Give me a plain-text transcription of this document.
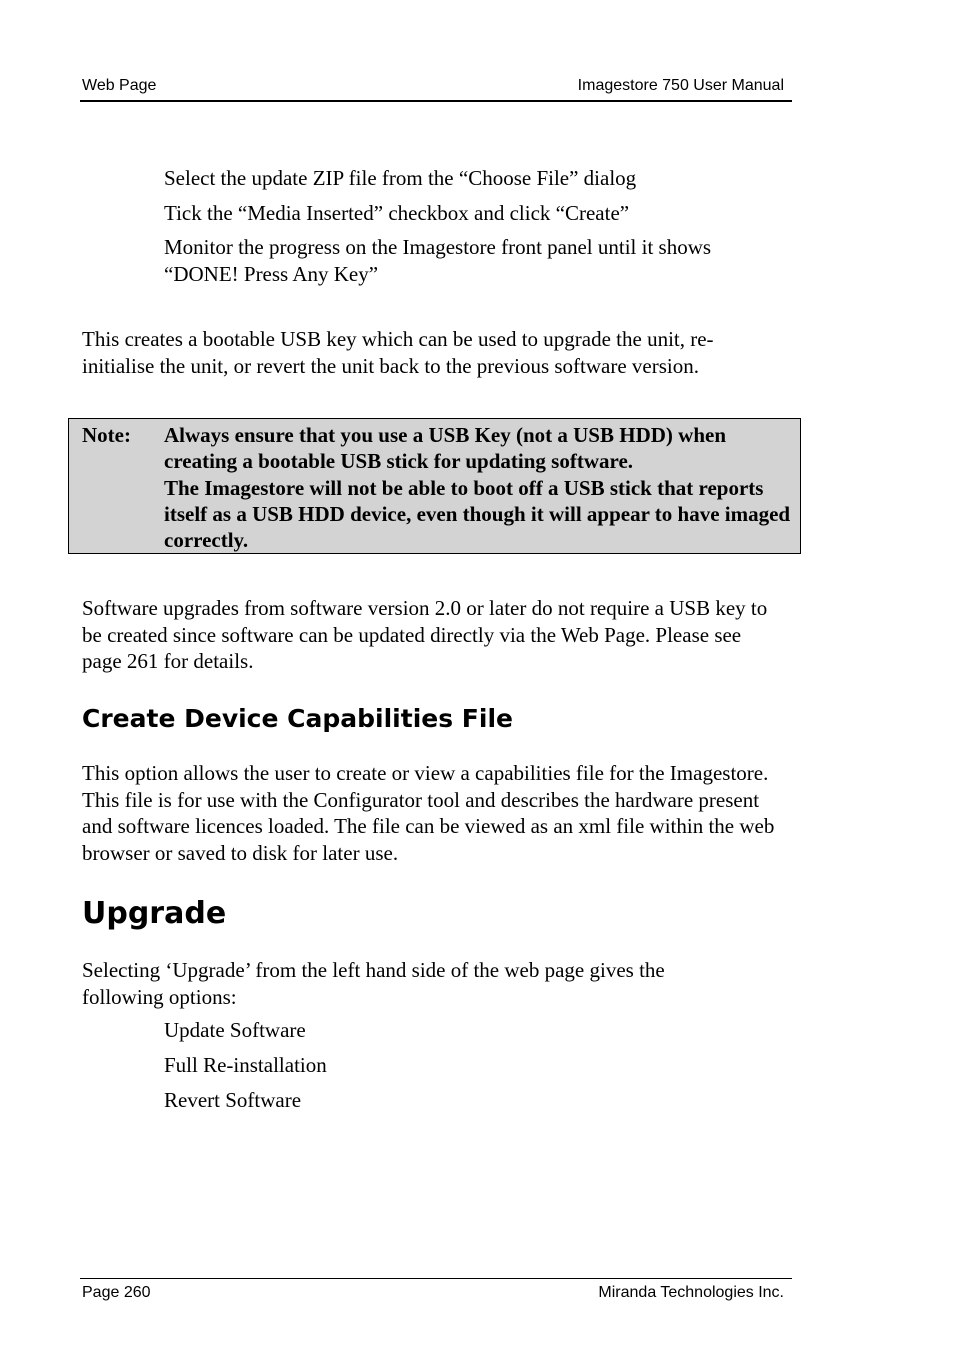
Web Page	Imagestore 750 User Manual

Select the update ZIP file from the “Choose File” dialog

Tick the “Media Inserted” checkbox and click “Create”

Monitor the progress on the Imagestore front panel until it shows “DONE! Press Any Key”

This creates a bootable USB key which can be used to upgrade the unit, re-initialise the unit, or revert the unit back to the previous software version.

Note: Always ensure that you use a USB Key (not a USB HDD) when creating a bootable USB stick for updating software.
The Imagestore will not be able to boot off a USB stick that reports itself as a USB HDD device, even though it will appear to have imaged correctly.

Software upgrades from software version 2.0 or later do not require a USB key to be created since software can be updated directly via the Web Page. Please see page 261 for details.

Create Device Capabilities File

This option allows the user to create or view a capabilities file for the Imagestore. This file is for use with the Configurator tool and describes the hardware present and software licences loaded. The file can be viewed as an xml file within the web browser or saved to disk for later use.

Upgrade

Selecting ‘Upgrade’ from the left hand side of the web page gives the following options:

Update Software

Full Re-installation

Revert Software

Page 260	Miranda Technologies Inc.
